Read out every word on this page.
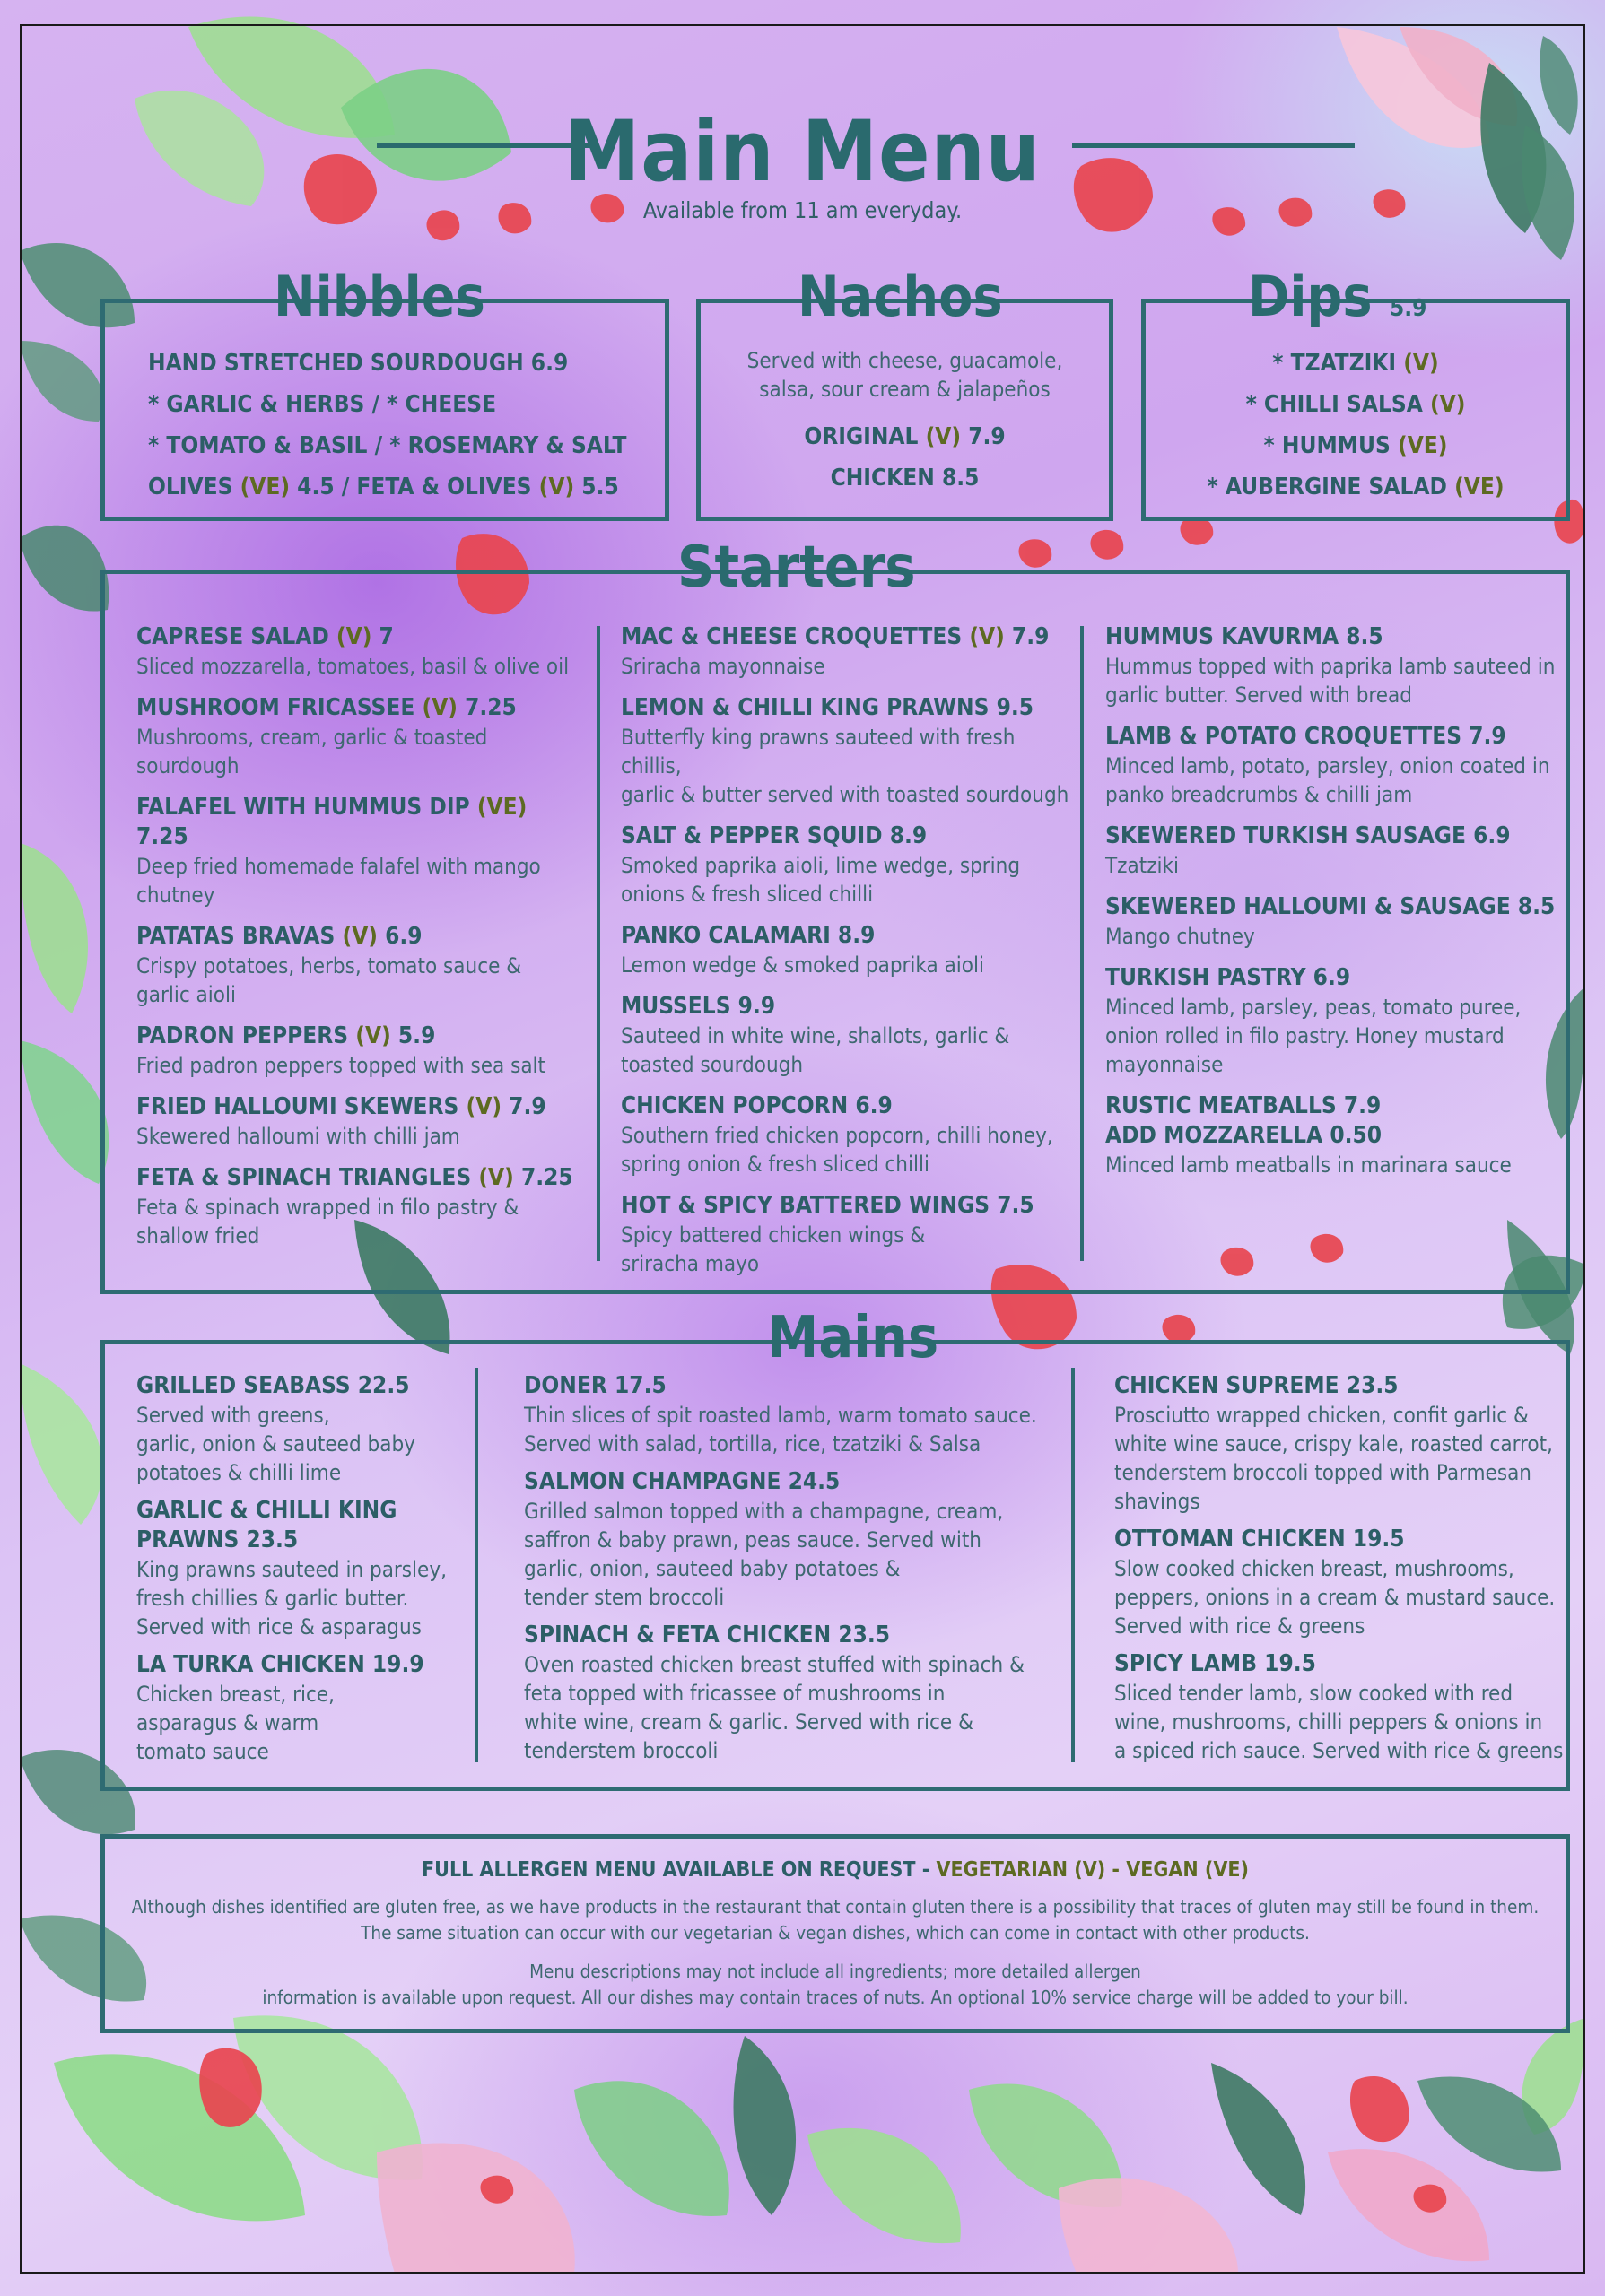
Main Menu
Available from 11 am everyday.
Nibbles
HAND STRETCHED SOURDOUGH 6.9
* GARLIC & HERBS / * CHEESE
* TOMATO & BASIL / * ROSEMARY & SALT
OLIVES (VE) 4.5 / FETA & OLIVES (V) 5.5
Nachos
Served with cheese, guacamole,
salsa, sour cream & jalapeños
ORIGINAL (V) 7.9
CHICKEN 8.5
Dips 5.9
* TZATZIKI (V)
* CHILLI SALSA (V)
* HUMMUS (VE)
* AUBERGINE SALAD (VE)
Starters
CAPRESE SALAD (V) 7
Sliced mozzarella, tomatoes, basil & olive oil
MUSHROOM FRICASSEE (V) 7.25
Mushrooms, cream, garlic & toasted sourdough
FALAFEL WITH HUMMUS DIP (VE) 7.25
Deep fried homemade falafel with mango
chutney
PATATAS BRAVAS (V) 6.9
Crispy potatoes, herbs, tomato sauce &
garlic aioli
PADRON PEPPERS (V) 5.9
Fried padron peppers topped with sea salt
FRIED HALLOUMI SKEWERS (V) 7.9
Skewered halloumi with chilli jam
FETA & SPINACH TRIANGLES (V) 7.25
Feta & spinach wrapped in filo pastry &
shallow fried
MAC & CHEESE CROQUETTES (V) 7.9
Sriracha mayonnaise
LEMON & CHILLI KING PRAWNS 9.5
Butterfly king prawns sauteed with fresh chillis,
garlic & butter served with toasted sourdough
SALT & PEPPER SQUID 8.9
Smoked paprika aioli, lime wedge, spring
onions & fresh sliced chilli
PANKO CALAMARI 8.9
Lemon wedge & smoked paprika aioli
MUSSELS 9.9
Sauteed in white wine, shallots, garlic &
toasted sourdough
CHICKEN POPCORN 6.9
Southern fried chicken popcorn, chilli honey,
spring onion & fresh sliced chilli
HOT & SPICY BATTERED WINGS 7.5
Spicy battered chicken wings &
sriracha mayo
HUMMUS KAVURMA 8.5
Hummus topped with paprika lamb sauteed in
garlic butter. Served with bread
LAMB & POTATO CROQUETTES 7.9
Minced lamb, potato, parsley, onion coated in
panko breadcrumbs & chilli jam
SKEWERED TURKISH SAUSAGE 6.9
Tzatziki
SKEWERED HALLOUMI & SAUSAGE 8.5
Mango chutney
TURKISH PASTRY 6.9
Minced lamb, parsley, peas, tomato puree,
onion rolled in filo pastry. Honey mustard
mayonnaise
RUSTIC MEATBALLS 7.9
ADD MOZZARELLA 0.50
Minced lamb meatballs in marinara sauce
Mains
GRILLED SEABASS 22.5
Served with greens,
garlic, onion & sauteed baby
potatoes & chilli lime
GARLIC & CHILLI KING
PRAWNS 23.5
King prawns sauteed in parsley,
fresh chillies & garlic butter.
Served with rice & asparagus
LA TURKA CHICKEN 19.9
Chicken breast, rice,
asparagus & warm
tomato sauce
DONER 17.5
Thin slices of spit roasted lamb, warm tomato sauce.
Served with salad, tortilla, rice, tzatziki & Salsa
SALMON CHAMPAGNE 24.5
Grilled salmon topped with a champagne, cream,
saffron & baby prawn, peas sauce. Served with
garlic, onion, sauteed baby potatoes &
tender stem broccoli
SPINACH & FETA CHICKEN 23.5
Oven roasted chicken breast stuffed with spinach &
feta topped with fricassee of mushrooms in
white wine, cream & garlic. Served with rice &
tenderstem broccoli
CHICKEN SUPREME 23.5
Prosciutto wrapped chicken, confit garlic &
white wine sauce, crispy kale, roasted carrot,
tenderstem broccoli topped with Parmesan
shavings
OTTOMAN CHICKEN 19.5
Slow cooked chicken breast, mushrooms,
peppers, onions in a cream & mustard sauce.
Served with rice & greens
SPICY LAMB 19.5
Sliced tender lamb, slow cooked with red
wine, mushrooms, chilli peppers & onions in
a spiced rich sauce. Served with rice & greens
FULL ALLERGEN MENU AVAILABLE ON REQUEST - VEGETARIAN (V) - VEGAN (VE)
Although dishes identified are gluten free, as we have products in the restaurant that contain gluten there is a possibility that traces of gluten may still be found in them.
The same situation can occur with our vegetarian & vegan dishes, which can come in contact with other products.
Menu descriptions may not include all ingredients; more detailed allergen
information is available upon request. All our dishes may contain traces of nuts. An optional 10% service charge will be added to your bill.
